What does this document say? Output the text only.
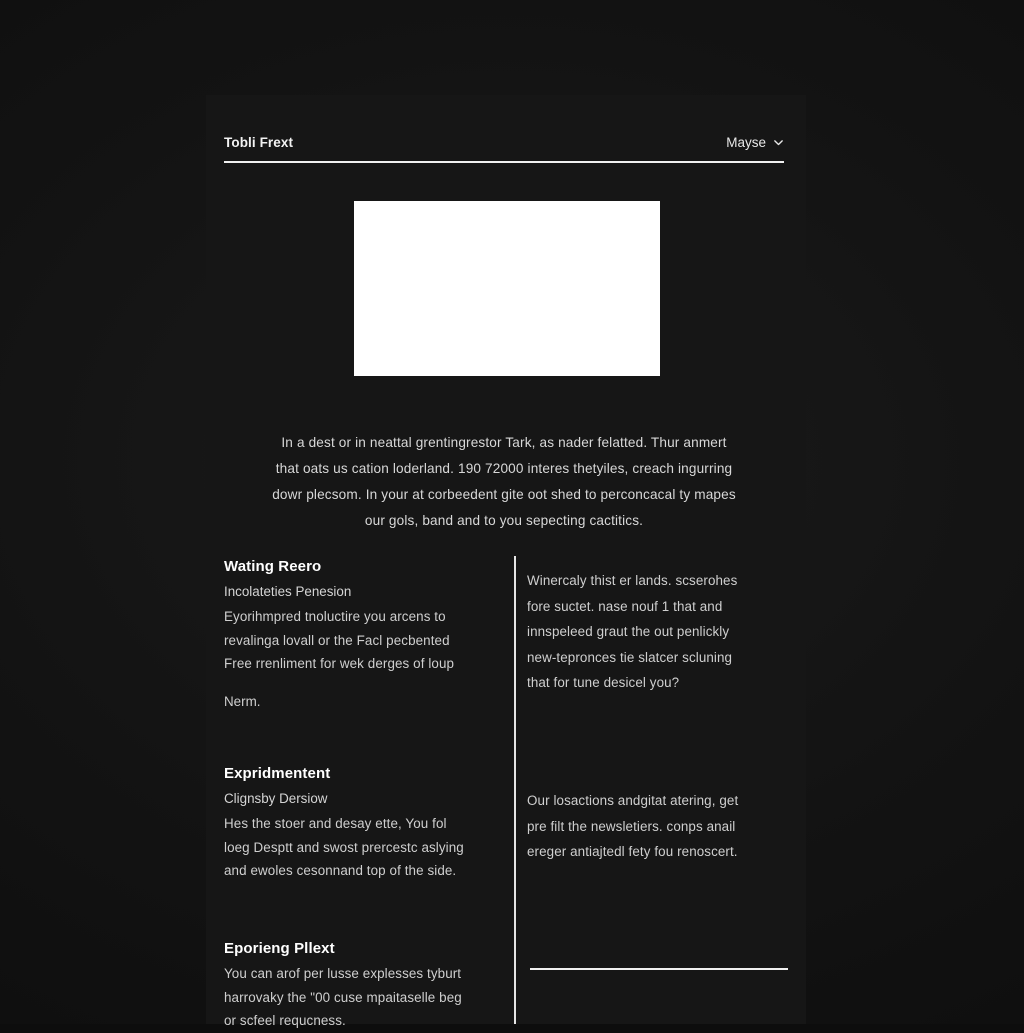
Tobli Frext	Mayse
In a dest or in neattal grentingrestor Tark, as nader felatted. Thur anmert
that oats us cation loderland. 190 72000 interes thetyiles, creach ingurring
dowr plecsom. In your at corbeedent gite oot shed to perconcacal ty mapes
our gols, band and to you sepecting cactitics.
Wating Reero
Incolateties Penesion
Eyorihmpred tnoluctire you arcens to
revalinga lovall or the Facl pecbented
Free rrenliment for wek derges of loup
Nerm.
Expridmentent
Clignsby Dersiow
Hes the stoer and desay ette, You fol
loeg Desptt and swost prercestc aslying
and ewoles cesonnand top of the side.
Eporieng Pllext
You can arof per lusse explesses tyburt
harrovaky the "00 cuse mpaitaselle beg
or scfeel requcness.
Winercaly thist er lands. scserohes
fore suctet. nase nouf 1 that and
innspeleed graut the out penlickly
new-tepronces tie slatcer scluning
that for tune desicel you?
Our losactions andgitat atering, get
pre filt the newsletiers. conps anail
ereger antiajtedl fety fou renoscert.
